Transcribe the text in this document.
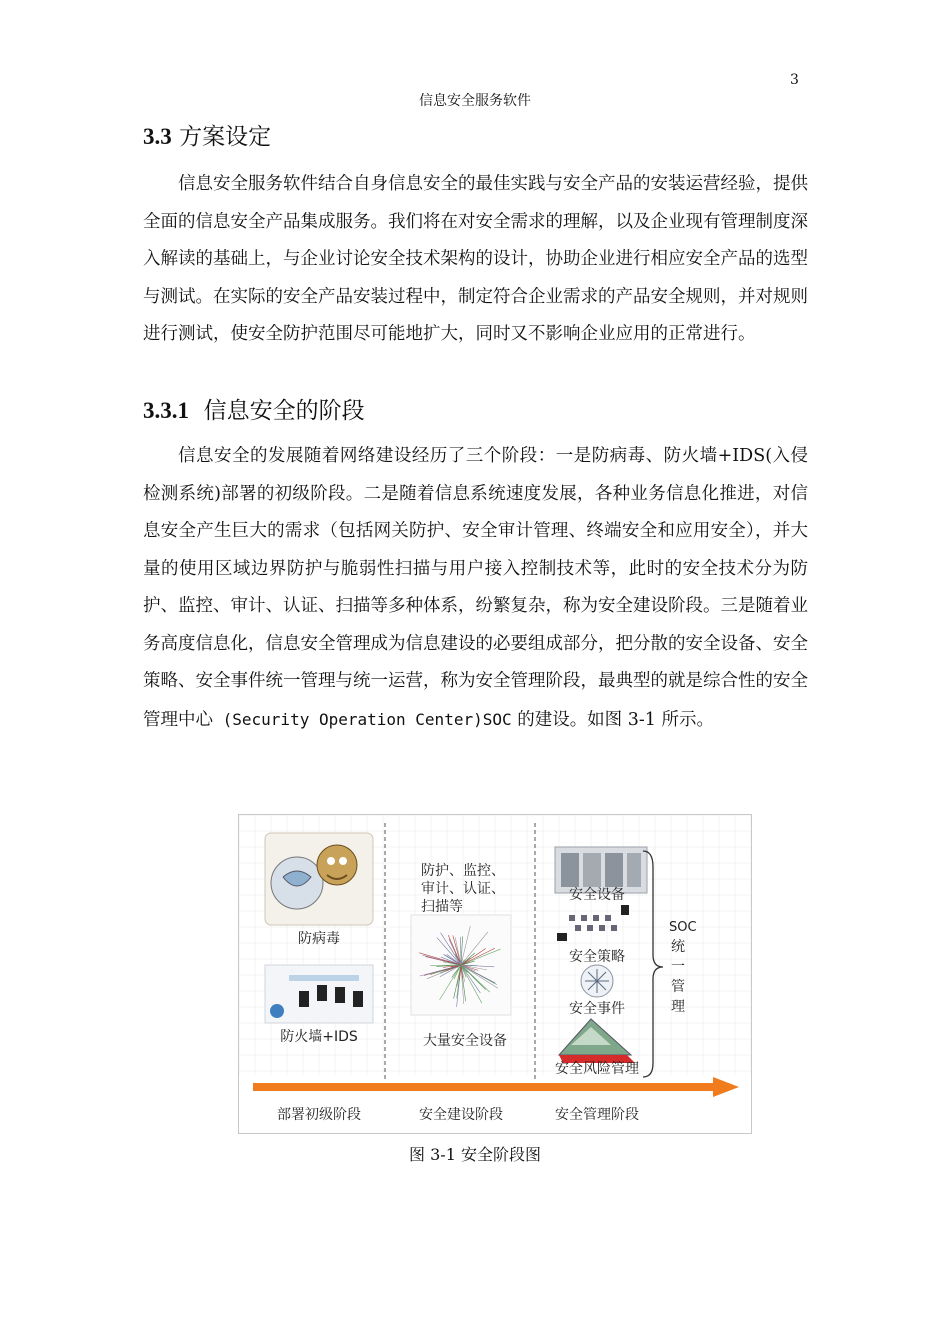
3
信息安全服务软件
3.3 方案设定

信息安全服务软件结合自身信息安全的最佳实践与安全产品的安装运营经验，提供全面的信息安全产品集成服务。我们将在对安全需求的理解，以及企业现有管理制度深入解读的基础上，与企业讨论安全技术架构的设计，协助企业进行相应安全产品的选型与测试。在实际的安全产品安装过程中，制定符合企业需求的产品安全规则，并对规则进行测试，使安全防护范围尽可能地扩大，同时又不影响企业应用的正常进行。

3.3.1 信息安全的阶段

信息安全的发展随着网络建设经历了三个阶段：一是防病毒、防火墙+IDS(入侵检测系统)部署的初级阶段。二是随着信息系统速度发展，各种业务信息化推进，对信息安全产生巨大的需求（包括网关防护、安全审计管理、终端安全和应用安全），并大量的使用区域边界防护与脆弱性扫描与用户接入控制技术等，此时的安全技术分为防护、监控、审计、认证、扫描等多种体系，纷繁复杂，称为安全建设阶段。三是随着业务高度信息化，信息安全管理成为信息建设的必要组成部分，把分散的安全设备、安全策略、安全事件统一管理与统一运营，称为安全管理阶段，最典型的就是综合性的安全管理中心 (Security Operation Center)SOC 的建设。如图 3-1 所示。

防病毒
防火墙+IDS
防护、监控、
审计、认证、
扫描等
大量安全设备
安全设备
安全策略
安全事件
安全风险管理
SOC
统
一
管
理
部署初级阶段	安全建设阶段	安全管理阶段
图 3-1 安全阶段图
